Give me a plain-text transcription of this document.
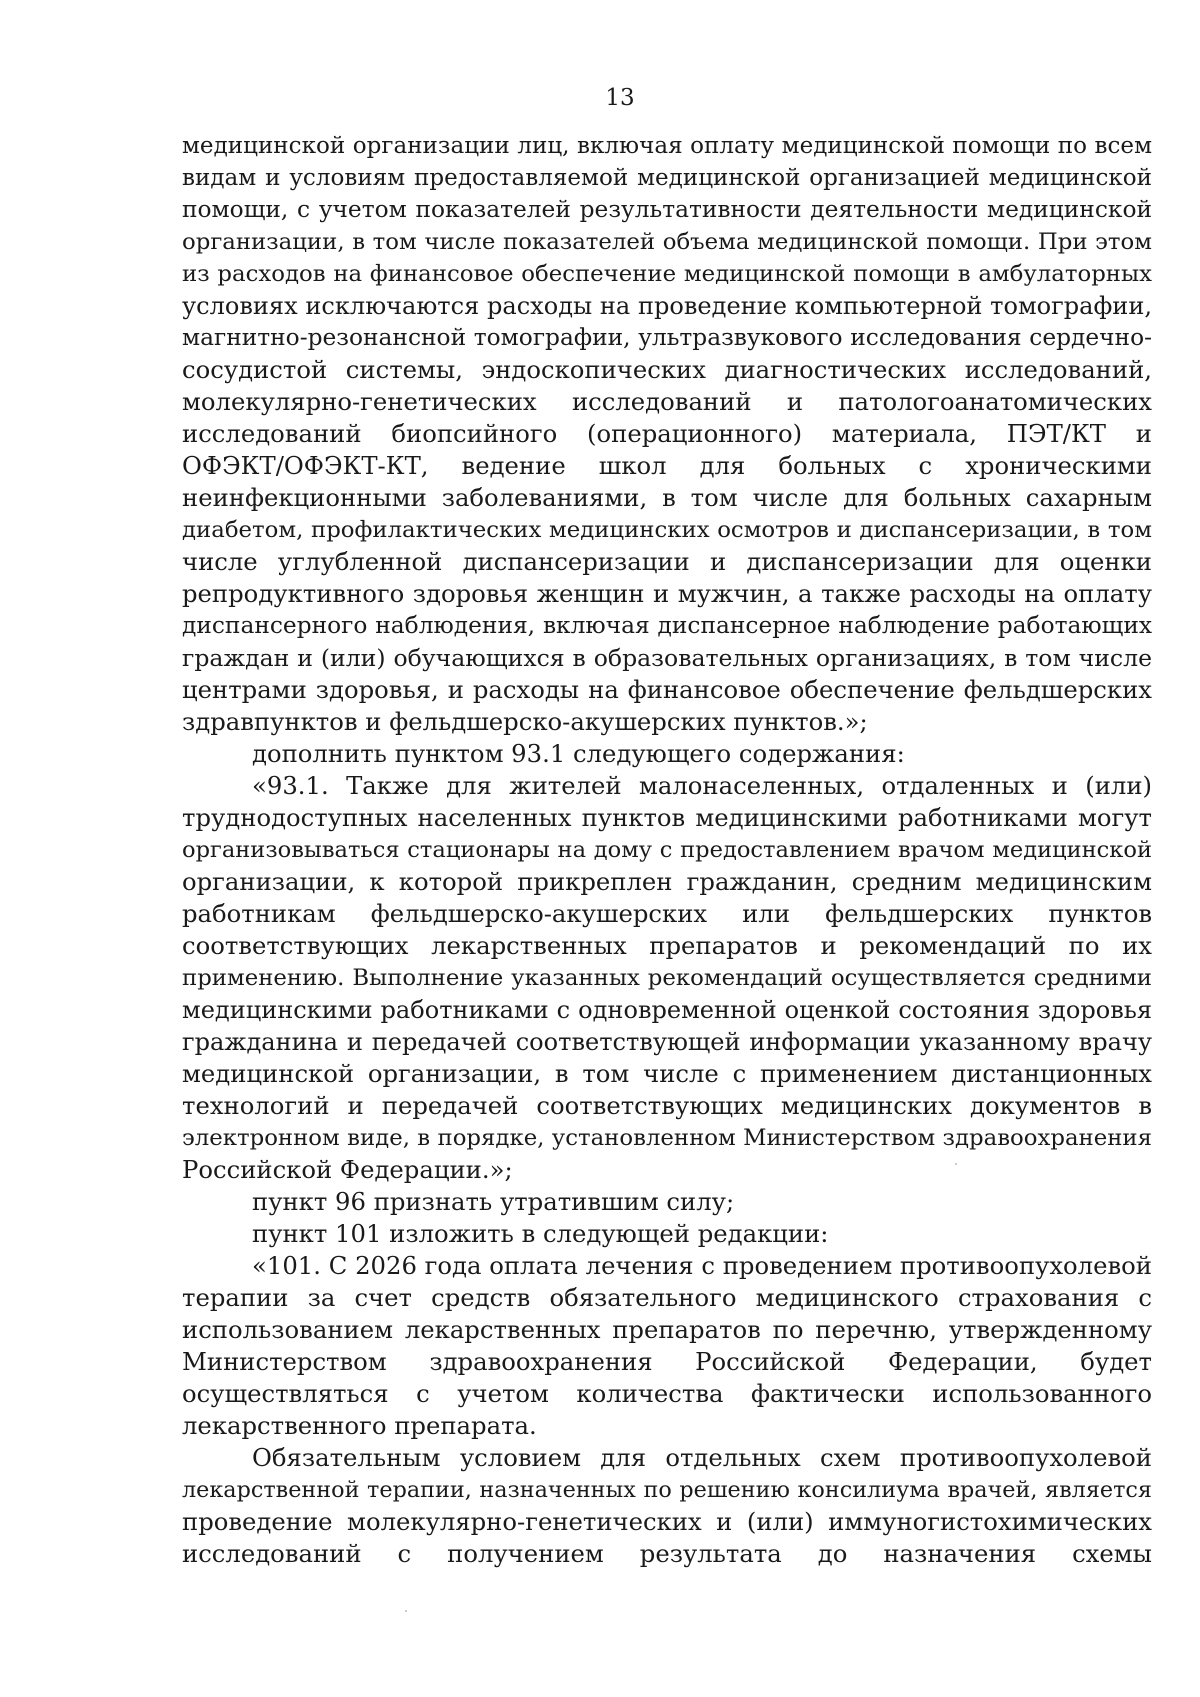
13
медицинской организации лиц, включая оплату медицинской помощи по всем
видам и условиям предоставляемой медицинской организацией медицинской
помощи, с учетом показателей результативности деятельности медицинской
организации, в том числе показателей объема медицинской помощи. При этом
из расходов на финансовое обеспечение медицинской помощи в амбулаторных
условиях исключаются расходы на проведение компьютерной томографии,
магнитно-резонансной томографии, ультразвукового исследования сердечно-
сосудистой системы, эндоскопических диагностических исследований,
молекулярно-генетических исследований и патологоанатомических
исследований биопсийного (операционного) материала, ПЭТ/КТ и
ОФЭКТ/ОФЭКТ-КТ, ведение школ для больных с хроническими
неинфекционными заболеваниями, в том числе для больных сахарным
диабетом, профилактических медицинских осмотров и диспансеризации, в том
числе углубленной диспансеризации и диспансеризации для оценки
репродуктивного здоровья женщин и мужчин, а также расходы на оплату
диспансерного наблюдения, включая диспансерное наблюдение работающих
граждан и (или) обучающихся в образовательных организациях, в том числе
центрами здоровья, и расходы на финансовое обеспечение фельдшерских
здравпунктов и фельдшерско-акушерских пунктов.»;
дополнить пунктом 93.1 следующего содержания:
«93.1. Также для жителей малонаселенных, отдаленных и (или)
труднодоступных населенных пунктов медицинскими работниками могут
организовываться стационары на дому с предоставлением врачом медицинской
организации, к которой прикреплен гражданин, средним медицинским
работникам фельдшерско-акушерских или фельдшерских пунктов
соответствующих лекарственных препаратов и рекомендаций по их
применению. Выполнение указанных рекомендаций осуществляется средними
медицинскими работниками с одновременной оценкой состояния здоровья
гражданина и передачей соответствующей информации указанному врачу
медицинской организации, в том числе с применением дистанционных
технологий и передачей соответствующих медицинских документов в
электронном виде, в порядке, установленном Министерством здравоохранения
Российской Федерации.»;
пункт 96 признать утратившим силу;
пункт 101 изложить в следующей редакции:
«101. С 2026 года оплата лечения с проведением противоопухолевой
терапии за счет средств обязательного медицинского страхования с
использованием лекарственных препаратов по перечню, утвержденному
Министерством здравоохранения Российской Федерации, будет
осуществляться с учетом количества фактически использованного
лекарственного препарата.
Обязательным условием для отдельных схем противоопухолевой
лекарственной терапии, назначенных по решению консилиума врачей, является
проведение молекулярно-генетических и (или) иммуногистохимических
исследований с получением результата до назначения схемы
